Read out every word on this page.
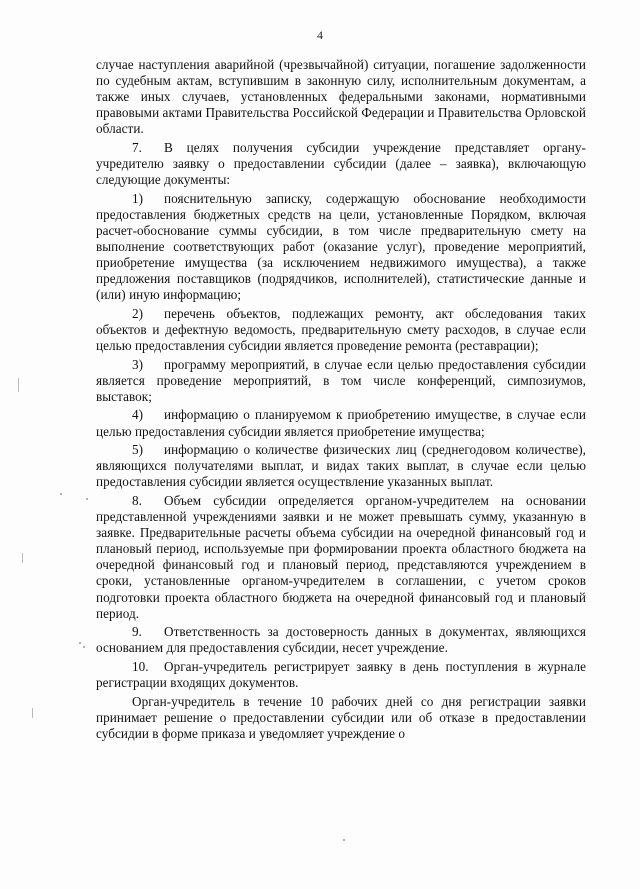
4

случае наступления аварийной (чрезвычайной) ситуации, погашение задолженности по судебным актам, вступившим в законную силу, исполнительным документам, а также иных случаев, установленных федеральными законами, нормативными правовыми актами Правительства Российской Федерации и Правительства Орловской области.

7. В целях получения субсидии учреждение представляет органу-учредителю заявку о предоставлении субсидии (далее – заявка), включающую следующие документы:

1) пояснительную записку, содержащую обоснование необходимости предоставления бюджетных средств на цели, установленные Порядком, включая расчет-обоснование суммы субсидии, в том числе предварительную смету на выполнение соответствующих работ (оказание услуг), проведение мероприятий, приобретение имущества (за исключением недвижимого имущества), а также предложения поставщиков (подрядчиков, исполнителей), статистические данные и (или) иную информацию;

2) перечень объектов, подлежащих ремонту, акт обследования таких объектов и дефектную ведомость, предварительную смету расходов, в случае если целью предоставления субсидии является проведение ремонта (реставрации);

3) программу мероприятий, в случае если целью предоставления субсидии является проведение мероприятий, в том числе конференций, симпозиумов, выставок;

4) информацию о планируемом к приобретению имуществе, в случае если целью предоставления субсидии является приобретение имущества;

5) информацию о количестве физических лиц (среднегодовом количестве), являющихся получателями выплат, и видах таких выплат, в случае если целью предоставления субсидии является осуществление указанных выплат.

8. Объем субсидии определяется органом-учредителем на основании представленной учреждениями заявки и не может превышать сумму, указанную в заявке. Предварительные расчеты объема субсидии на очередной финансовый год и плановый период, используемые при формировании проекта областного бюджета на очередной финансовый год и плановый период, представляются учреждением в сроки, установленные органом-учредителем в соглашении, с учетом сроков подготовки проекта областного бюджета на очередной финансовый год и плановый период.

9. Ответственность за достоверность данных в документах, являющихся основанием для предоставления субсидии, несет учреждение.

10. Орган-учредитель регистрирует заявку в день поступления в журнале регистрации входящих документов.

Орган-учредитель в течение 10 рабочих дней со дня регистрации заявки принимает решение о предоставлении субсидии или об отказе в предоставлении субсидии в форме приказа и уведомляет учреждение о
